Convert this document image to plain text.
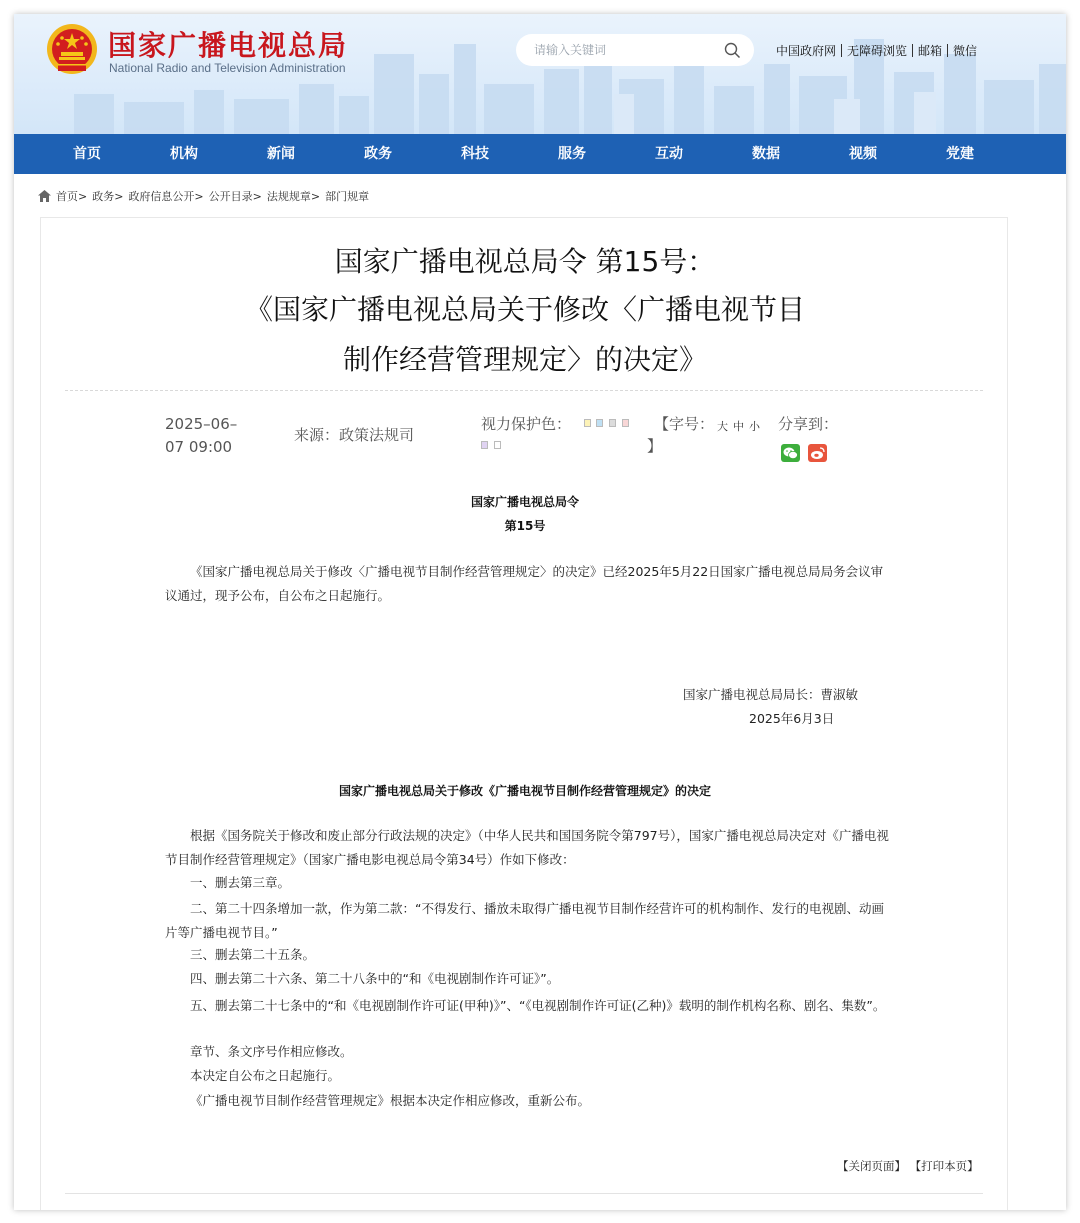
国家广播电视总局
National Radio and Television Administration
请输入关键词
中国政府网 无障碍浏览 邮箱 微信
首页	机构	新闻	政务	科技	服务	互动	数据	视频	党建
首页> 政务> 政府信息公开> 公开目录> 法规规章> 部门规章
国家广播电视总局令 第15号：
《国家广播电视总局关于修改〈广播电视节目
制作经营管理规定〉的决定》
2025–06–
07 09:00
来源：政策法规司
视力保护色：	【字号： 大 中 小
】
分享到：
国家广播电视总局令
第15号
《国家广播电视总局关于修改〈广播电视节目制作经营管理规定〉的决定》已经2025年5月22日国家广播电视总局局务会议审议通过，现予公布，自公布之日起施行。
国家广播电视总局局长：曹淑敏
2025年6月3日
国家广播电视总局关于修改《广播电视节目制作经营管理规定》的决定
根据《国务院关于修改和废止部分行政法规的决定》（中华人民共和国国务院令第797号），国家广播电视总局决定对《广播电视节目制作经营管理规定》（国家广播电影电视总局令第34号）作如下修改：
一、删去第三章。
二、第二十四条增加一款，作为第二款：“不得发行、播放未取得广播电视节目制作经营许可的机构制作、发行的电视剧、动画片等广播电视节目。”
三、删去第二十五条。
四、删去第二十六条、第二十八条中的“和《电视剧制作许可证》”。
五、删去第二十七条中的“和《电视剧制作许可证(甲种)》”、“《电视剧制作许可证(乙种)》载明的制作机构名称、剧名、集数”。
章节、条文序号作相应修改。
本决定自公布之日起施行。
《广播电视节目制作经营管理规定》根据本决定作相应修改，重新公布。
【关闭页面】 【打印本页】
